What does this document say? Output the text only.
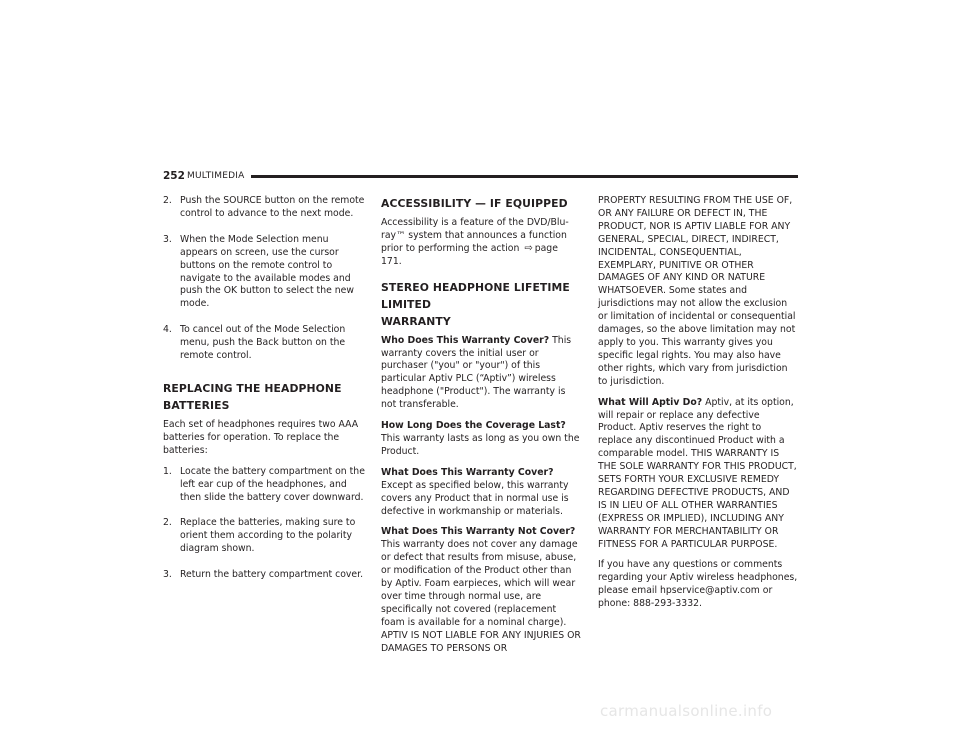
252 MULTIMEDIA
2. Push the SOURCE button on the remote control to advance to the next mode.
3. When the Mode Selection menu appears on screen, use the cursor buttons on the remote control to navigate to the available modes and push the OK button to select the new mode.
4. To cancel out of the Mode Selection menu, push the Back button on the remote control.
REPLACING THE HEADPHONE
BATTERIES

Each set of headphones requires two AAA batteries for operation. To replace the batteries:

1. Locate the battery compartment on the left ear cup of the headphones, and then slide the battery cover downward.
2. Replace the batteries, making sure to orient them according to the polarity diagram shown.
3. Return the battery compartment cover.
ACCESSIBILITY — IF EQUIPPED

Accessibility is a feature of the DVD/Blu-ray™ system that announces a function prior to performing the action ⇨ page 171.

STEREO HEADPHONE LIFETIME LIMITED
WARRANTY

Who Does This Warranty Cover? This warranty covers the initial user or purchaser ("you" or "your") of this particular Aptiv PLC (“Aptiv”) wireless headphone ("Product"). The warranty is not transferable.

How Long Does the Coverage Last? This warranty lasts as long as you own the Product.

What Does This Warranty Cover? Except as specified below, this warranty covers any Product that in normal use is defective in workmanship or materials.

What Does This Warranty Not Cover? This warranty does not cover any damage or defect that results from misuse, abuse, or modification of the Product other than by Aptiv. Foam earpieces, which will wear over time through normal use, are specifically not covered (replacement foam is available for a nominal charge). APTIV IS NOT LIABLE FOR ANY INJURIES OR DAMAGES TO PERSONS OR

PROPERTY RESULTING FROM THE USE OF, OR ANY FAILURE OR DEFECT IN, THE PRODUCT, NOR IS APTIV LIABLE FOR ANY GENERAL, SPECIAL, DIRECT, INDIRECT, INCIDENTAL, CONSEQUENTIAL, EXEMPLARY, PUNITIVE OR OTHER DAMAGES OF ANY KIND OR NATURE WHATSOEVER. Some states and jurisdictions may not allow the exclusion or limitation of incidental or consequential damages, so the above limitation may not apply to you. This warranty gives you specific legal rights. You may also have other rights, which vary from jurisdiction to jurisdiction.

What Will Aptiv Do? Aptiv, at its option, will repair or replace any defective Product. Aptiv reserves the right to replace any discontinued Product with a comparable model. THIS WARRANTY IS THE SOLE WARRANTY FOR THIS PRODUCT, SETS FORTH YOUR EXCLUSIVE REMEDY REGARDING DEFECTIVE PRODUCTS, AND IS IN LIEU OF ALL OTHER WARRANTIES (EXPRESS OR IMPLIED), INCLUDING ANY WARRANTY FOR MERCHANTABILITY OR FITNESS FOR A PARTICULAR PURPOSE.

If you have any questions or comments regarding your Aptiv wireless headphones, please email hpservice@aptiv.com or phone: 888-293-3332.

carmanualsonline.info
